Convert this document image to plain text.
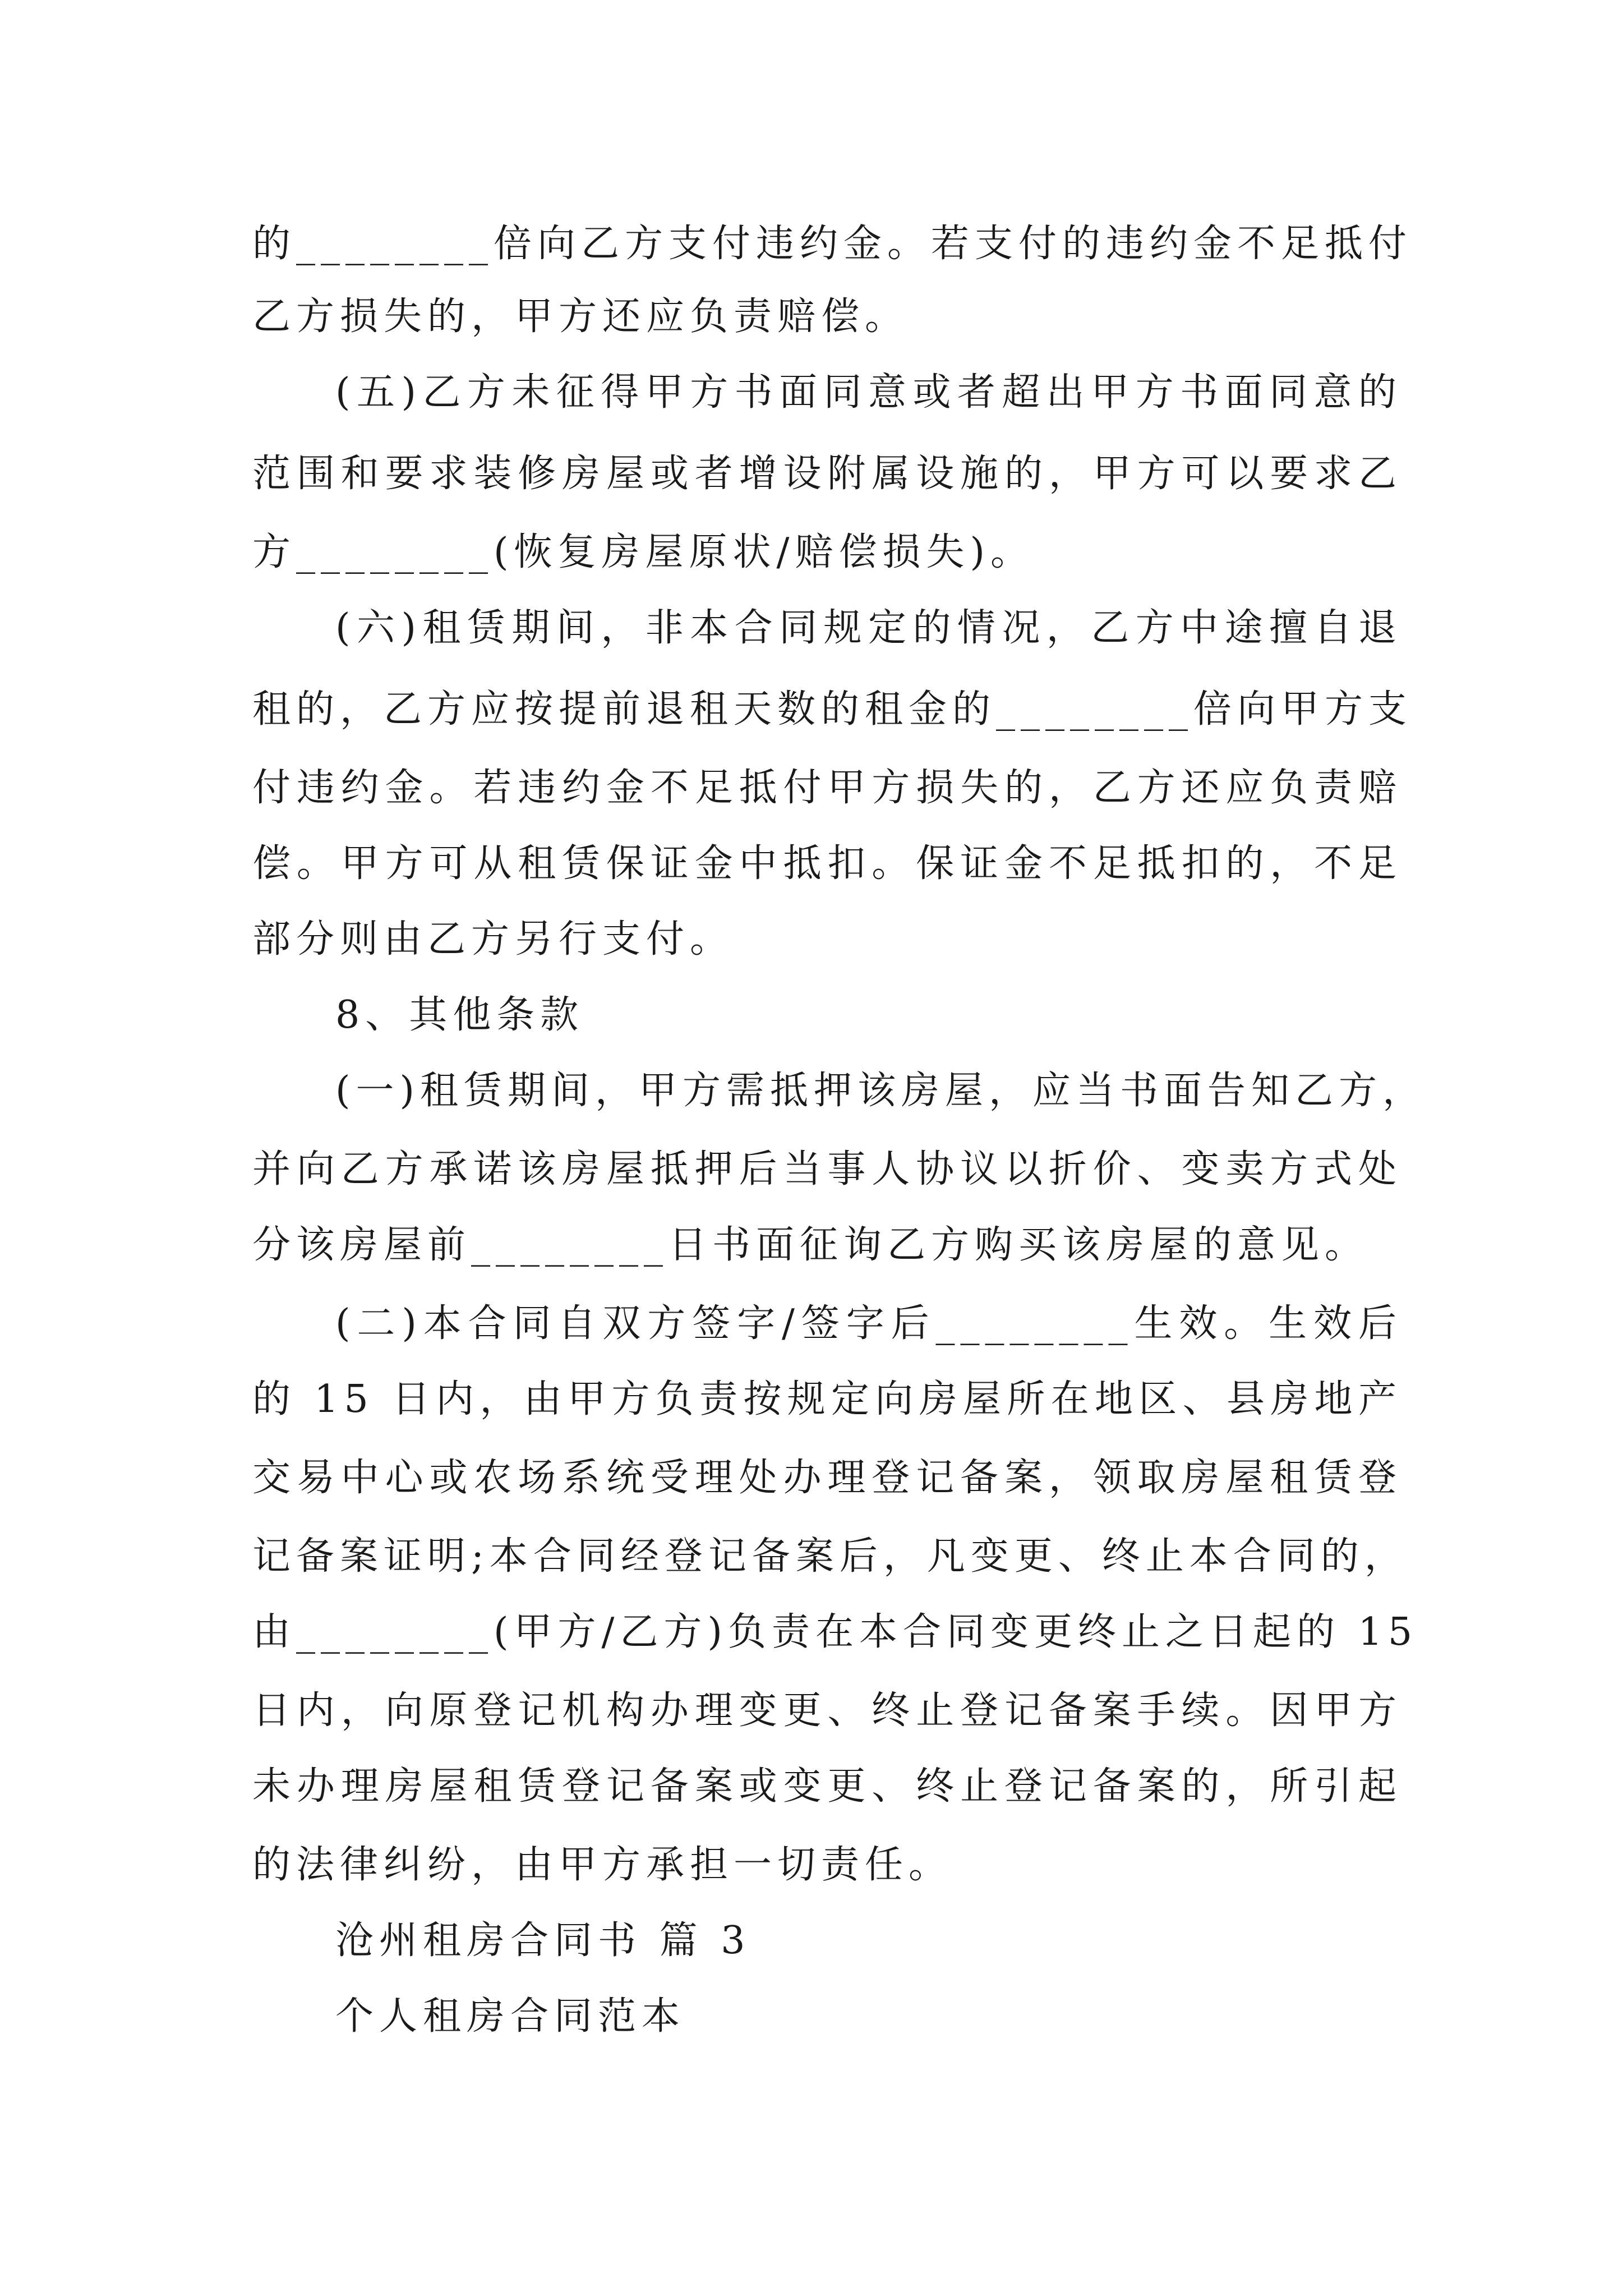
的________倍向乙方支付违约金。若支付的违约金不足抵付
乙方损失的，甲方还应负责赔偿。
(五)乙方未征得甲方书面同意或者超出甲方书面同意的
范围和要求装修房屋或者增设附属设施的，甲方可以要求乙
方________(恢复房屋原状/赔偿损失)。
(六)租赁期间，非本合同规定的情况，乙方中途擅自退
租的，乙方应按提前退租天数的租金的________倍向甲方支
付违约金。若违约金不足抵付甲方损失的，乙方还应负责赔
偿。甲方可从租赁保证金中抵扣。保证金不足抵扣的，不足
部分则由乙方另行支付。
8、其他条款
(一)租赁期间，甲方需抵押该房屋，应当书面告知乙方，
并向乙方承诺该房屋抵押后当事人协议以折价、变卖方式处
分该房屋前________日书面征询乙方购买该房屋的意见。
(二)本合同自双方签字/签字后________生效。生效后
的 15 日内，由甲方负责按规定向房屋所在地区、县房地产
交易中心或农场系统受理处办理登记备案，领取房屋租赁登
记备案证明;本合同经登记备案后，凡变更、终止本合同的，
由________(甲方/乙方)负责在本合同变更终止之日起的 15
日内，向原登记机构办理变更、终止登记备案手续。因甲方
未办理房屋租赁登记备案或变更、终止登记备案的，所引起
的法律纠纷，由甲方承担一切责任。
沧州租房合同书 篇 3
个人租房合同范本
